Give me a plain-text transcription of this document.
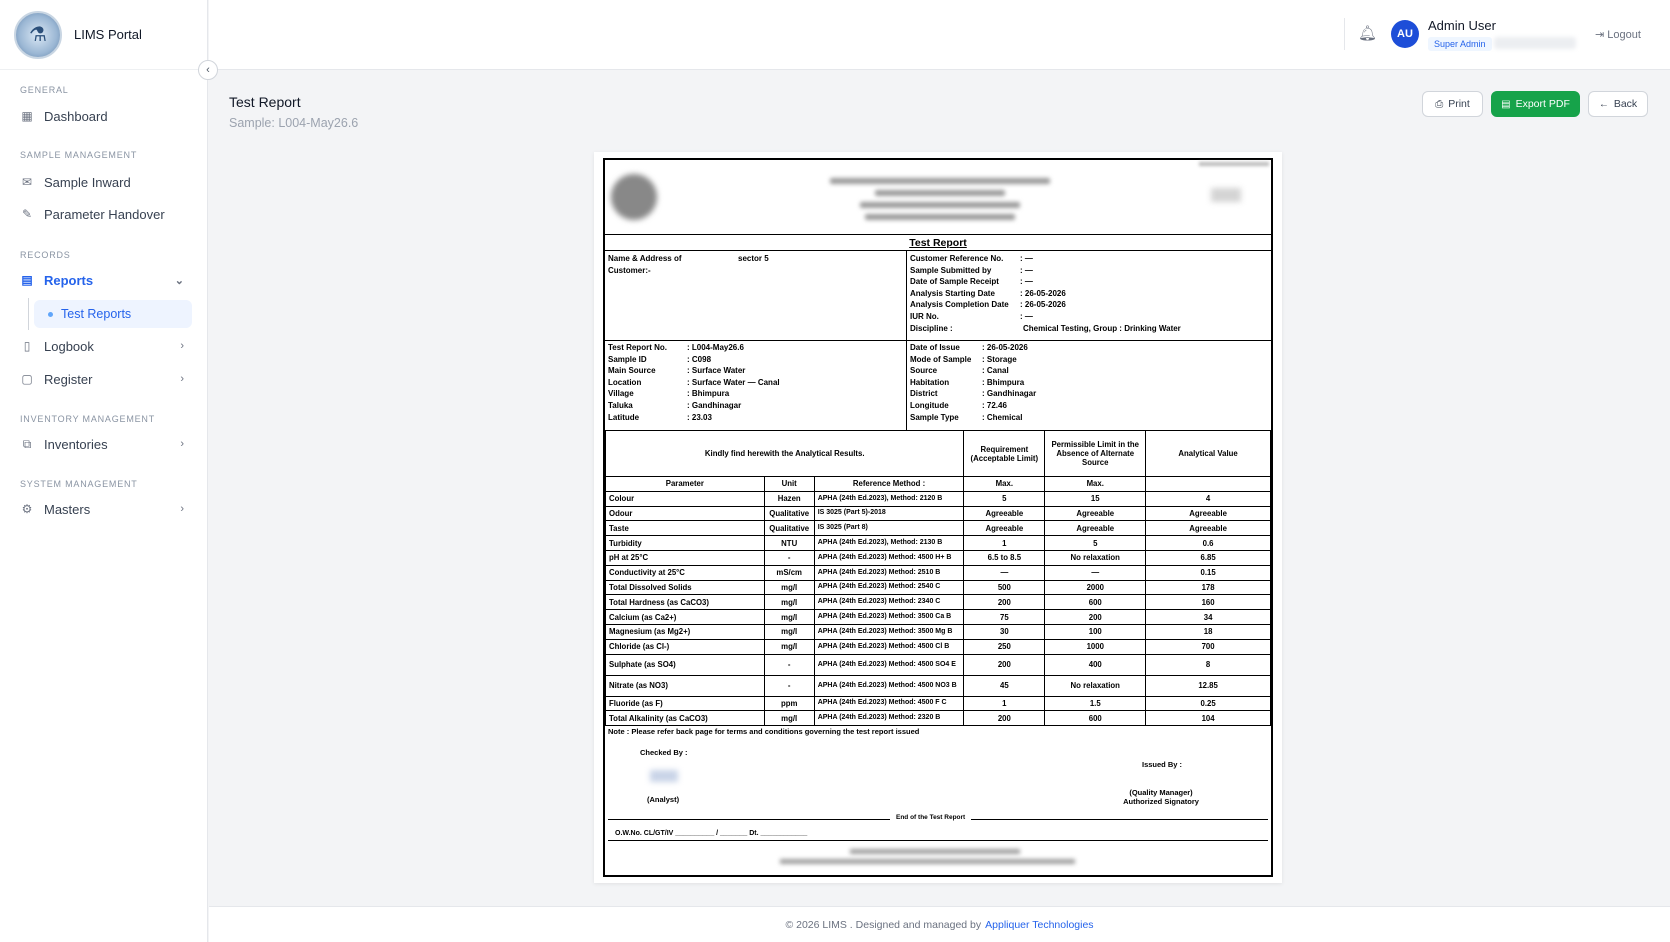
⚗	LIMS Portal
GENERAL
▦ Dashboard
SAMPLE MANAGEMENT
✉ Sample Inward
✎ Parameter Handover
RECORDS
▤ Reports	⌄
Test Reports
▯ Logbook	›
▢ Register	›
INVENTORY MANAGEMENT
⧉ Inventories	›
SYSTEM MANAGEMENT
⚙ Masters	›
‹
🔔︎	AU
Admin User
Super Admin
⇥ Logout
Test Report
Sample: L004-May26.6
⎙ Print	▤ Export PDF	← Back
Test Report
Name & Address of Customer:-
sector 5	Customer Reference No. : —
Sample Submitted by	: —
Date of Sample Receipt	: —
Analysis Starting Date	: 26-05-2026
Analysis Completion Date : 26-05-2026
IUR No.	: —
Discipline :	Chemical Testing, Group : Drinking Water
Test Report No.	: L004-May26.6
Sample ID	: C098
Main Source	: Surface Water
Location	: Surface Water — Canal
Village	: Bhimpura
Taluka	: Gandhinagar
Latitude	: 23.03
Date of Issue	: 26-05-2026
Mode of Sample : Storage
Source	: Canal
Habitation	: Bhimpura
District	: Gandhinagar
Longitude	: 72.46
Sample Type	: Chemical
Kindly find herewith the Analytical Results.			Requirement (Acceptable Limit)	Permissible Limit in the Absence of Alternate Source	Analytical Value
Parameter	Unit	Reference Method :	Max.	Max.	
Colour	Hazen	APHA (24th Ed.2023), Method: 2120 B	5	15	4
Odour	Qualitative	IS 3025 (Part 5)-2018	Agreeable	Agreeable	Agreeable
Taste	Qualitative	IS 3025 (Part 8)	Agreeable	Agreeable	Agreeable
Turbidity	NTU	APHA (24th Ed.2023), Method: 2130 B	1	5	0.6
pH at 25°C	-	APHA (24th Ed.2023) Method: 4500 H+ B	6.5 to 8.5	No relaxation	6.85
Conductivity at 25°C	mS/cm	APHA (24th Ed.2023) Method: 2510 B	—	—	0.15
Total Dissolved Solids	mg/l	APHA (24th Ed.2023) Method: 2540 C	500	2000	178
Total Hardness (as CaCO3)	mg/l	APHA (24th Ed.2023) Method: 2340 C	200	600	160
Calcium (as Ca2+)	mg/l	APHA (24th Ed.2023) Method: 3500 Ca B	75	200	34
Magnesium (as Mg2+)	mg/l	APHA (24th Ed.2023) Method: 3500 Mg B	30	100	18
Chloride (as Cl-)	mg/l	APHA (24th Ed.2023) Method: 4500 Cl B	250	1000	700
Sulphate (as SO4)	-	APHA (24th Ed.2023) Method: 4500 SO4 E	200	400	8
Nitrate (as NO3)	-	APHA (24th Ed.2023) Method: 4500 NO3 B	45	No relaxation	12.85
Fluoride (as F)	ppm	APHA (24th Ed.2023) Method: 4500 F C	1	1.5	0.25
Total Alkalinity (as CaCO3)	mg/l	APHA (24th Ed.2023) Method: 2320 B	200	600	104
Note : Please refer back page for terms and conditions governing the test report issued
Checked By :
(Analyst)
Issued By :
(Quality Manager)
Authorized Signatory
End of the Test Report
O.W.No. CL/GT/IV __________ / _______ Dt. ____________
© 2026 LIMS . Designed and managed by Appliquer Technologies
